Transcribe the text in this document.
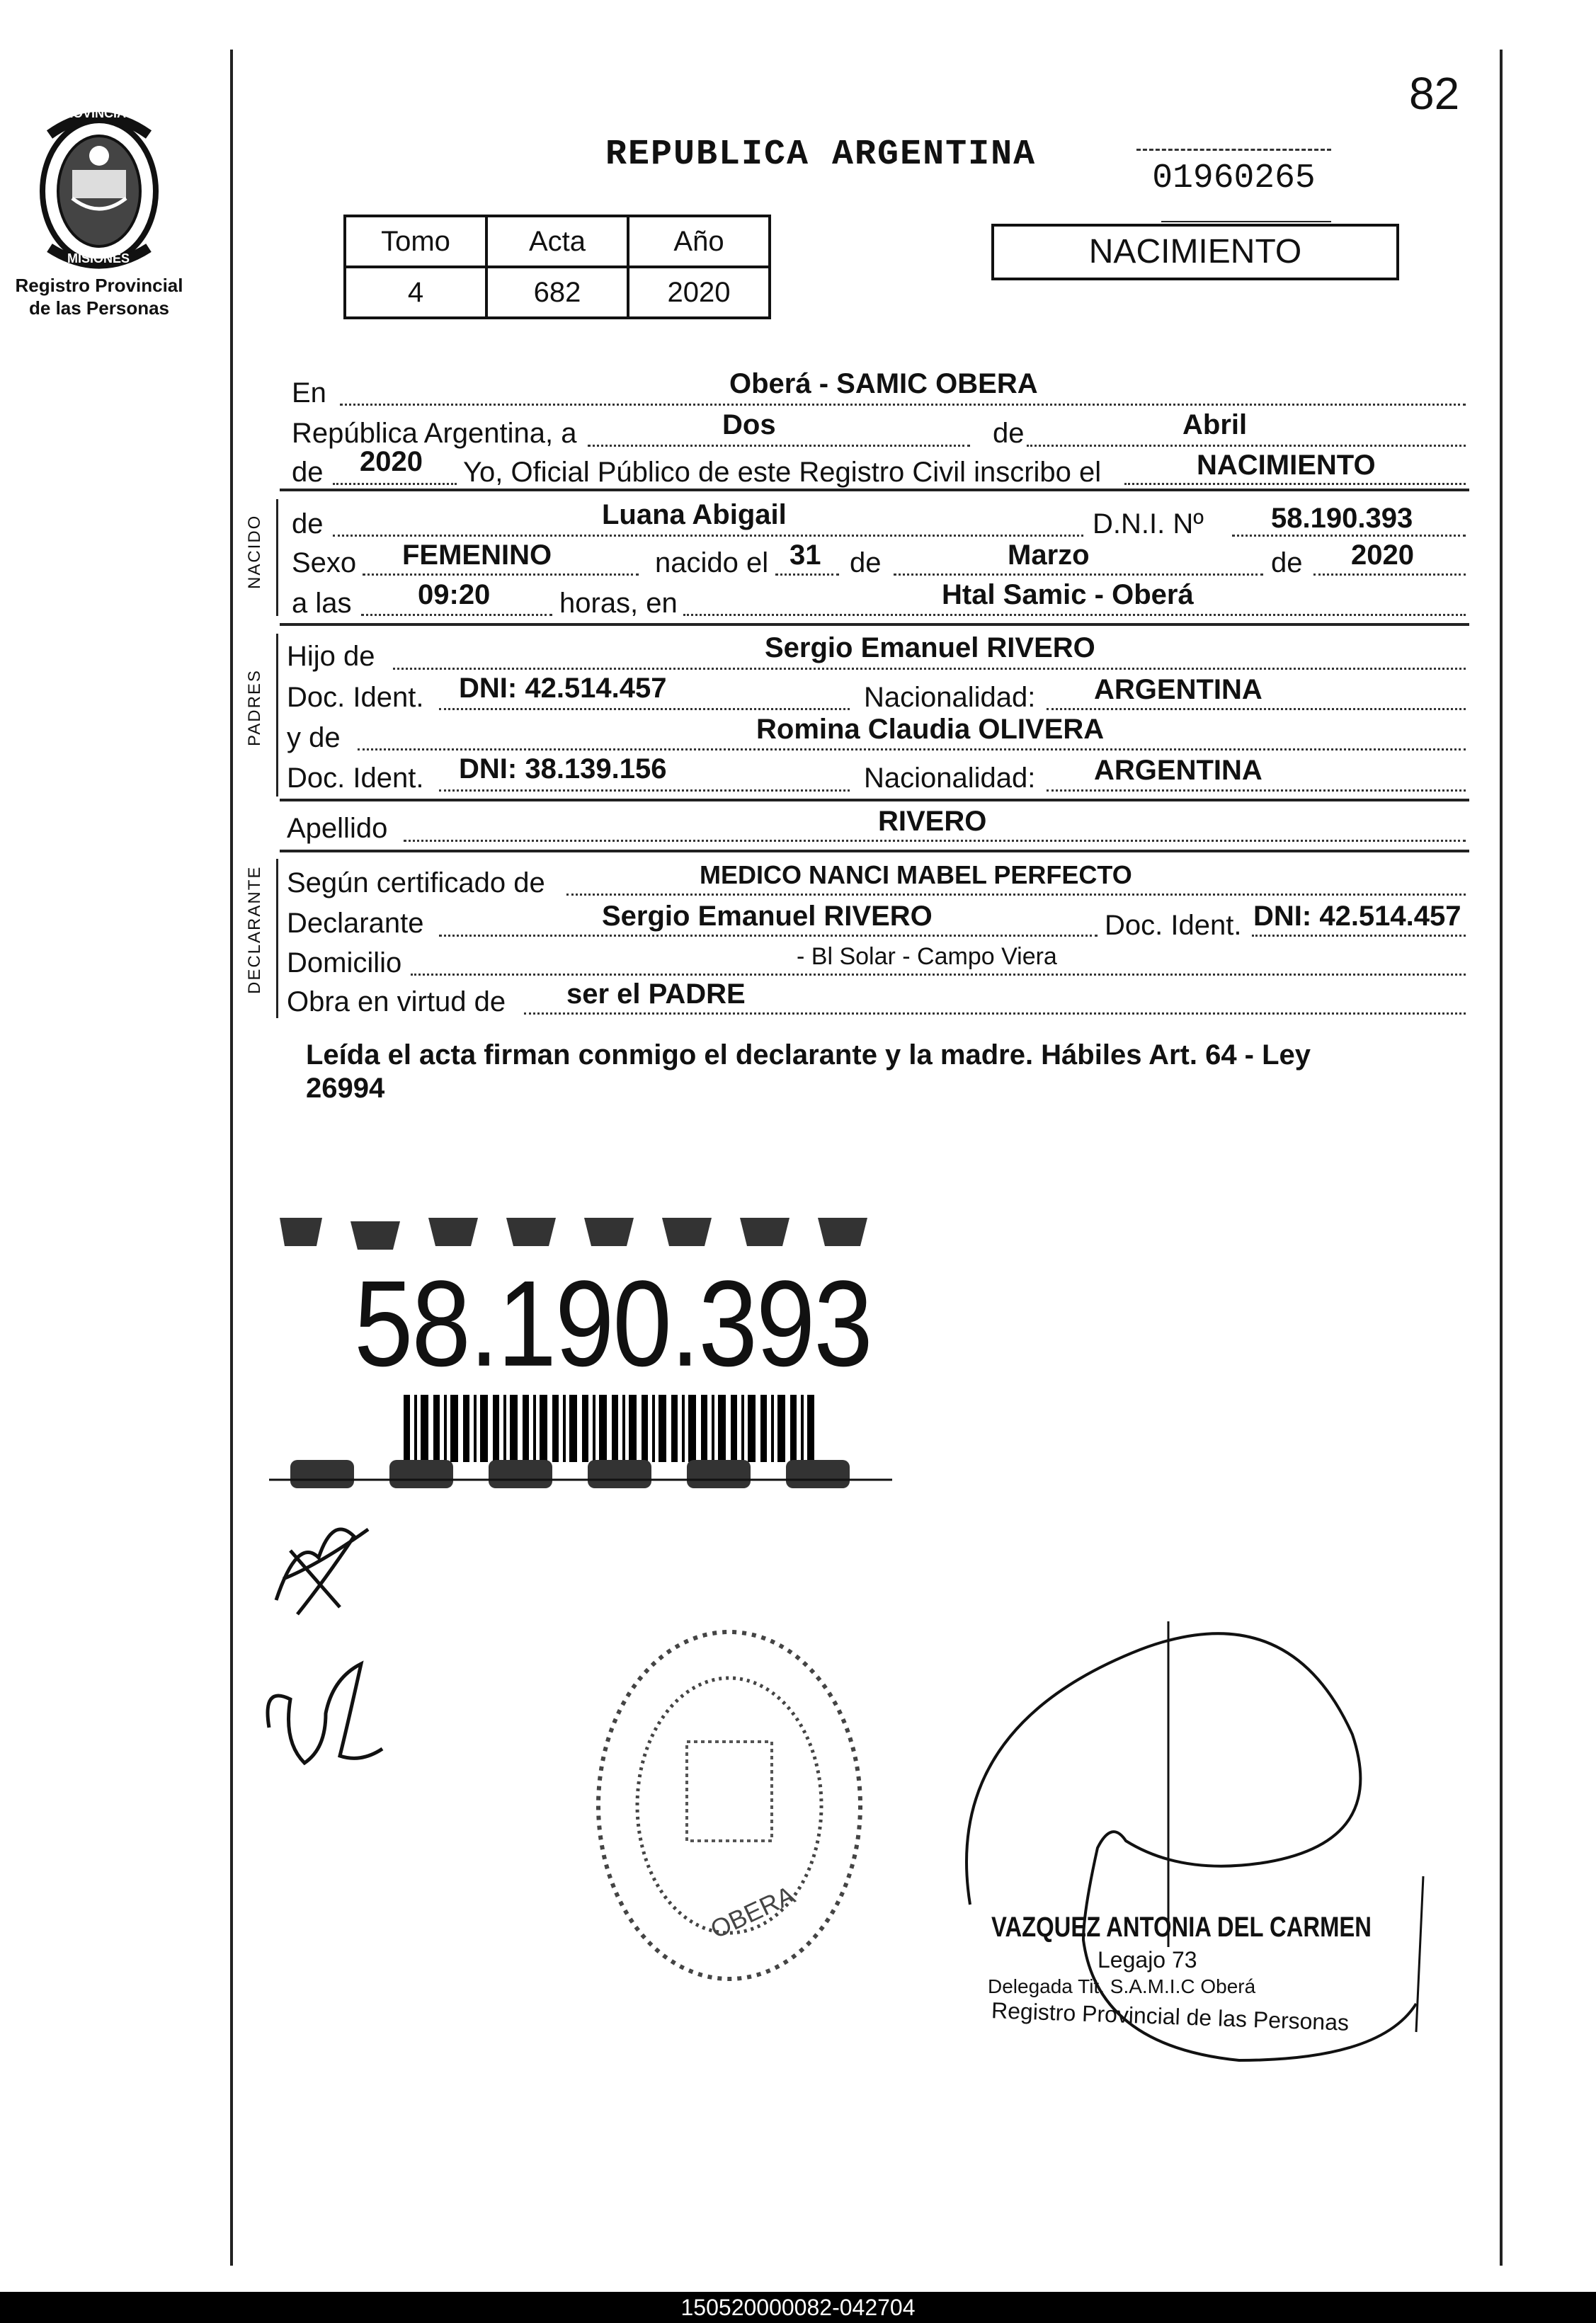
PROVINCIA DE
MISIONES
Registro Provincial
de las Personas
82
REPUBLICA ARGENTINA
01960265
Tomo	Acta	Año
4	682	2020
NACIMIENTO
En	Oberá - SAMIC OBERA
República Argentina, a	Dos	de	Abril
de 2020 Yo, Oficial Público de este Registro Civil inscribo el	NACIMIENTO
NACIDO de	Luana Abigail	D.N.I. Nº 58.190.393
Sexo FEMENINO	nacido el 31 de	Marzo	de 2020
a las 09:20 horas, en	Htal Samic - Oberá
PADRES
Hijo de	Sergio Emanuel RIVERO
Doc. Ident. DNI: 42.514.457	Nacionalidad: ARGENTINA
y de	Romina Claudia OLIVERA
Doc. Ident. DNI: 38.139.156	Nacionalidad: ARGENTINA
Apellido	RIVERO
DECLARANTE Según certificado de	MEDICO NANCI MABEL PERFECTO
Declarante	Sergio Emanuel RIVERO	Doc. Ident. DNI: 42.514.457
Domicilio	- Bl Solar - Campo Viera
Obra en virtud de ser el PADRE
Leída el acta firman conmigo el declarante y la madre. Hábiles Art. 64 - Ley
26994
58.190.393
OBERA	VAZQUEZ ANTONIA DEL CARMEN
Legajo 73
Delegada Tit. S.A.M.I.C Oberá
Registro Provincial de las Personas
150520000082-042704
